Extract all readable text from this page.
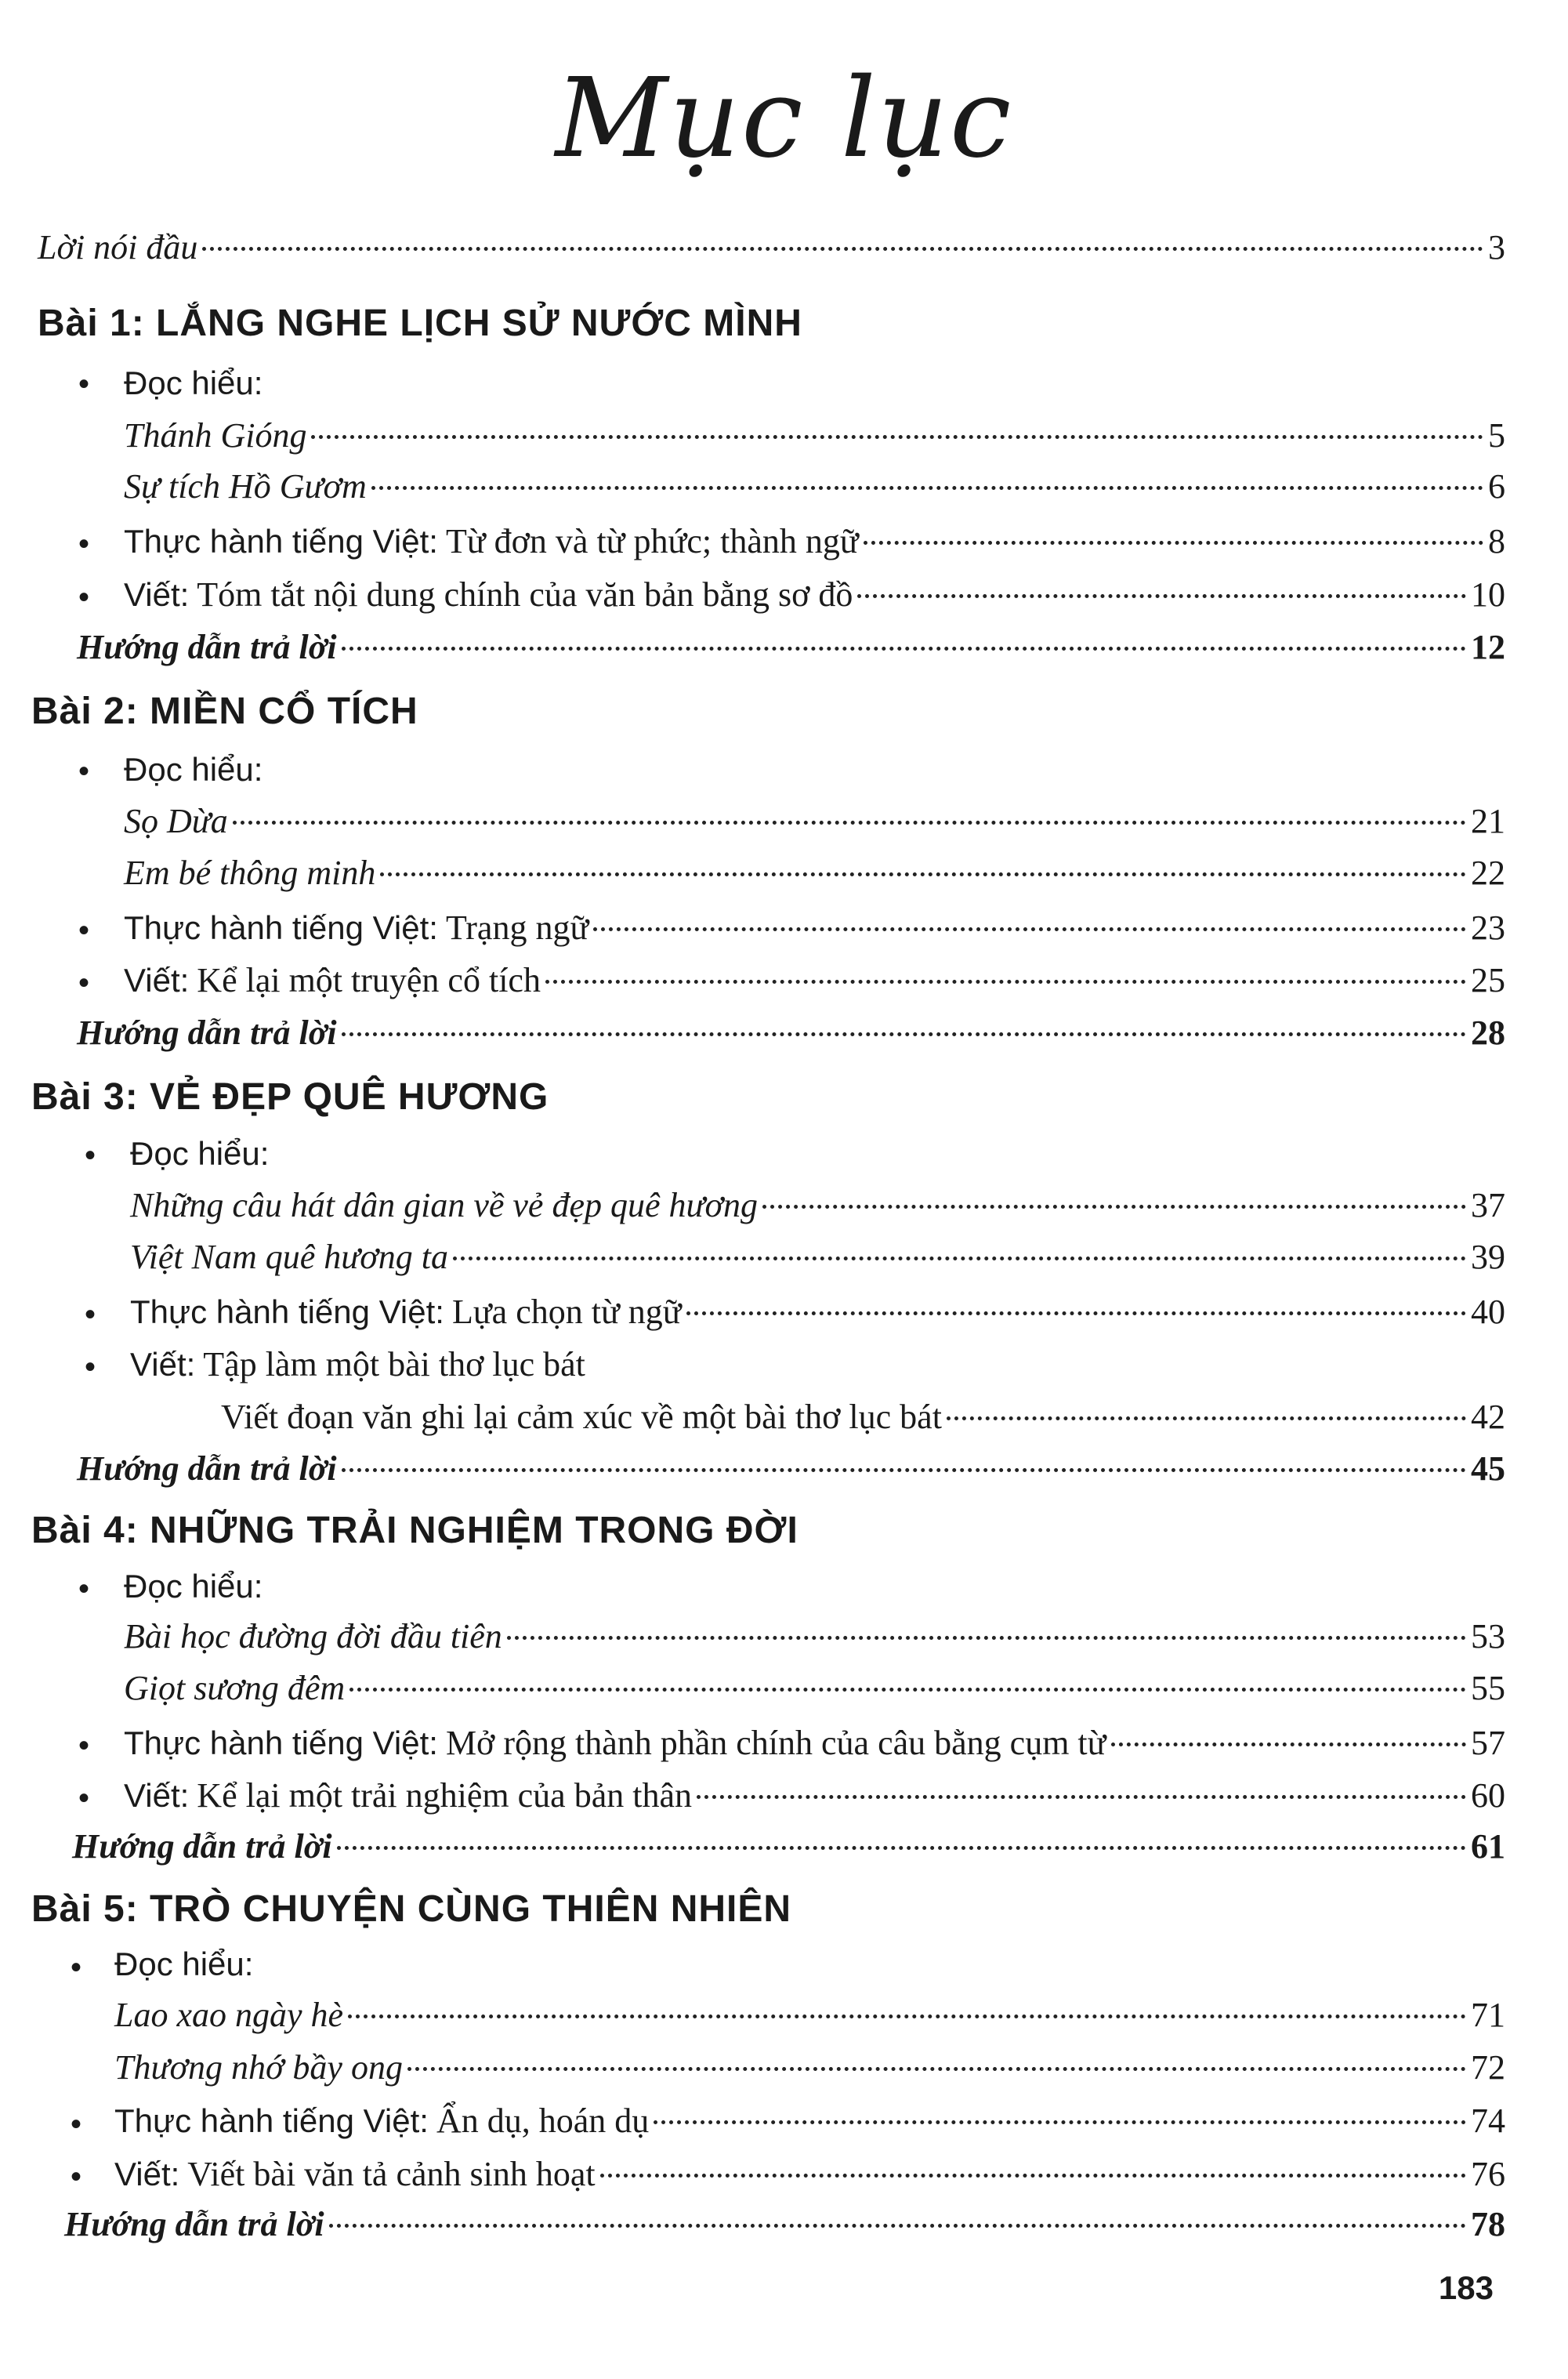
Mục lục
Lời nói đầu	3
Bài 1: LẮNG NGHE LỊCH SỬ NƯỚC MÌNH
• Đọc hiểu:
Thánh Gióng	5
Sự tích Hồ Gươm	6
• Thực hành tiếng Việt: Từ đơn và từ phức; thành ngữ	8
• Viết: Tóm tắt nội dung chính của văn bản bằng sơ đồ	10
Hướng dẫn trả lời	12
Bài 2: MIỀN CỔ TÍCH
• Đọc hiểu:
Sọ Dừa	21
Em bé thông minh	22
• Thực hành tiếng Việt: Trạng ngữ	23
• Viết: Kể lại một truyện cổ tích	25
Hướng dẫn trả lời	28
Bài 3: VẺ ĐẸP QUÊ HƯƠNG
• Đọc hiểu:
Những câu hát dân gian về vẻ đẹp quê hương	37
Việt Nam quê hương ta	39
• Thực hành tiếng Việt: Lựa chọn từ ngữ	40
• Viết: Tập làm một bài thơ lục bát
Viết đoạn văn ghi lại cảm xúc về một bài thơ lục bát	42
Hướng dẫn trả lời	45
Bài 4: NHỮNG TRẢI NGHIỆM TRONG ĐỜI
• Đọc hiểu:
Bài học đường đời đầu tiên	53
Giọt sương đêm	55
• Thực hành tiếng Việt: Mở rộng thành phần chính của câu bằng cụm từ	57
• Viết: Kể lại một trải nghiệm của bản thân	60
Hướng dẫn trả lời	61
Bài 5: TRÒ CHUYỆN CÙNG THIÊN NHIÊN
• Đọc hiểu:
Lao xao ngày hè	71
Thương nhớ bầy ong	72
• Thực hành tiếng Việt: Ẩn dụ, hoán dụ	74
• Viết: Viết bài văn tả cảnh sinh hoạt	76
Hướng dẫn trả lời	78
183
